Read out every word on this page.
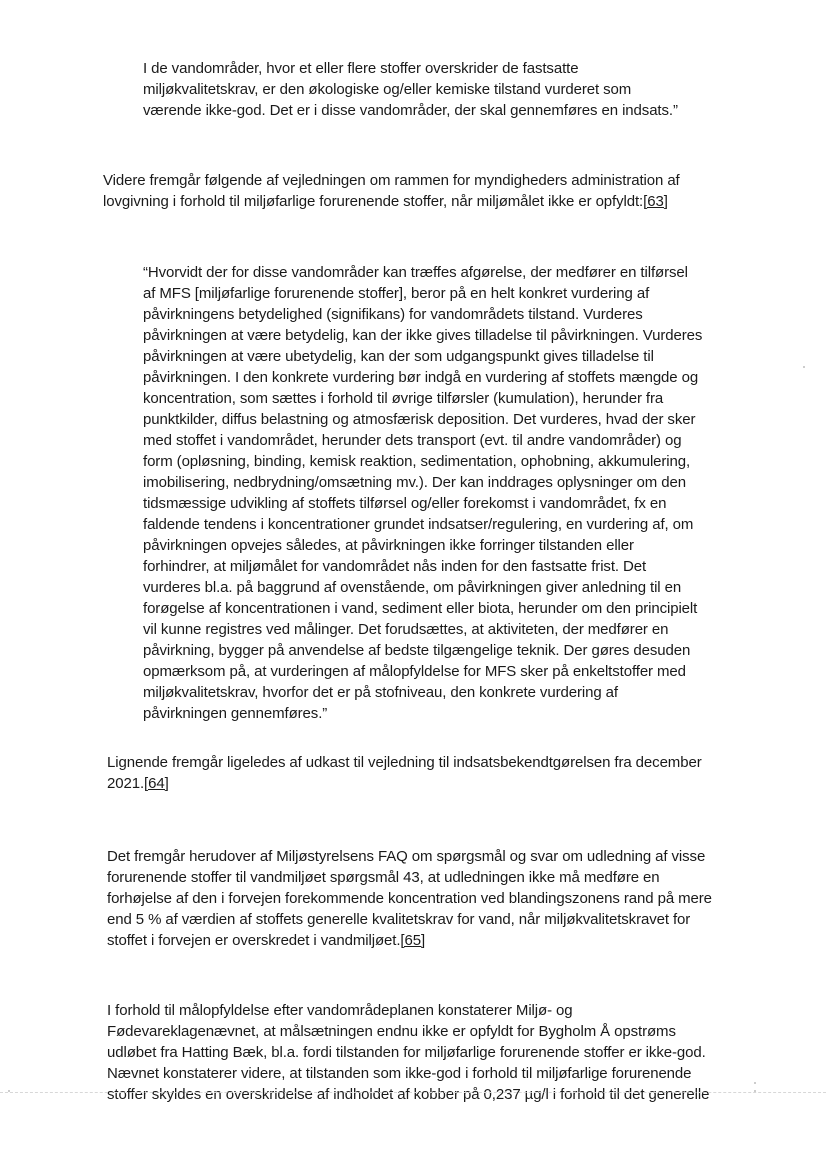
I de vandområder, hvor et eller flere stoffer overskrider de fastsatte miljøkvalitetskrav, er den økologiske og/eller kemiske tilstand vurderet som værende ikke-god. Det er i disse vandområder, der skal gennemføres en indsats.”

Videre fremgår følgende af vejledningen om rammen for myndigheders administration af lovgivning i forhold til miljøfarlige forurenende stoffer, når miljømålet ikke er opfyldt:[63]

“Hvorvidt der for disse vandområder kan træffes afgørelse, der medfører en tilførsel af MFS [miljøfarlige forurenende stoffer], beror på en helt konkret vurdering af påvirkningens betydelighed (signifikans) for vandområdets tilstand. Vurderes påvirkningen at være betydelig, kan der ikke gives tilladelse til påvirkningen. Vurderes påvirkningen at være ubetydelig, kan der som udgangspunkt gives tilladelse til påvirkningen. I den konkrete vurdering bør indgå en vurdering af stoffets mængde og koncentration, som sættes i forhold til øvrige tilførsler (kumulation), herunder fra punktkilder, diffus belastning og atmosfærisk deposition. Det vurderes, hvad der sker med stoffet i vandområdet, herunder dets transport (evt. til andre vandområder) og form (opløsning, binding, kemisk reaktion, sedimentation, ophobning, akkumulering, imobilisering, nedbrydning/omsætning mv.). Der kan inddrages oplysninger om den tidsmæssige udvikling af stoffets tilførsel og/eller forekomst i vandområdet, fx en faldende tendens i koncentrationer grundet indsatser/regulering, en vurdering af, om påvirkningen opvejes således, at påvirkningen ikke forringer tilstanden eller forhindrer, at miljømålet for vandområdet nås inden for den fastsatte frist. Det vurderes bl.a. på baggrund af ovenstående, om påvirkningen giver anledning til en forøgelse af koncentrationen i vand, sediment eller biota, herunder om den principielt vil kunne registres ved målinger. Det forudsættes, at aktiviteten, der medfører en påvirkning, bygger på anvendelse af bedste tilgængelige teknik. Der gøres desuden opmærksom på, at vurderingen af målopfyldelse for MFS sker på enkeltstoffer med miljøkvalitetskrav, hvorfor det er på stofniveau, den konkrete vurdering af påvirkningen gennemføres.”

Lignende fremgår ligeledes af udkast til vejledning til indsatsbekendtgørelsen fra december 2021.[64]

Det fremgår herudover af Miljøstyrelsens FAQ om spørgsmål og svar om udledning af visse forurenende stoffer til vandmiljøet spørgsmål 43, at udledningen ikke må medføre en forhøjelse af den i forvejen forekommende koncentration ved blandingszonens rand på mere end 5 % af værdien af stoffets generelle kvalitetskrav for vand, når miljøkvalitetskravet for stoffet i forvejen er overskredet i vandmiljøet.[65]

I forhold til målopfyldelse efter vandområdeplanen konstaterer Miljø- og Fødevareklagenævnet, at målsætningen endnu ikke er opfyldt for Bygholm Å opstrøms udløbet fra Hatting Bæk, bl.a. fordi tilstanden for miljøfarlige forurenende stoffer er ikke-god. Nævnet konstaterer videre, at tilstanden som ikke-god i forhold til miljøfarlige forurenende stoffer skyldes en overskridelse af indholdet af kobber på 0,237 µg/l i forhold til det generelle
